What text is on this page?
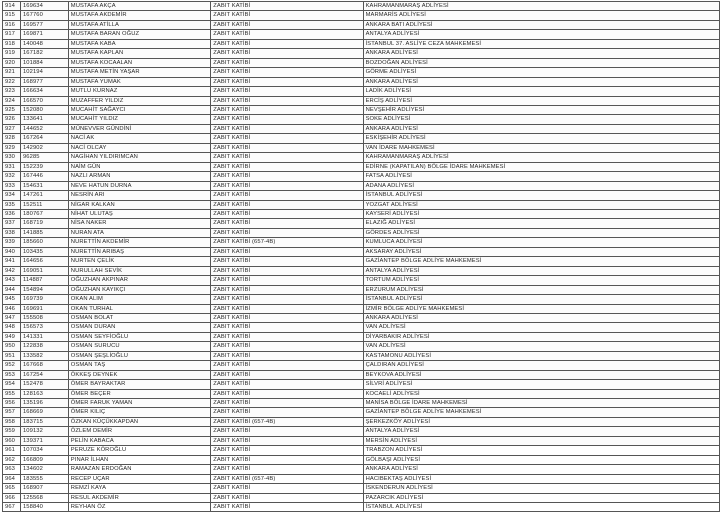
914	169634	MUSTAFA AKÇA	ZABIT KATİBİ	KAHRAMANMARAŞ ADLİYESİ
915	167760	MUSTAFA AKDEMİR	ZABIT KATİBİ	MARMARİS ADLİYESİ
916	169577	MUSTAFA ATİLLA	ZABIT KATİBİ	ANKARA BATI ADLİYESİ
917	169871	MUSTAFA BARAN OĞUZ	ZABIT KATİBİ	ANTALYA ADLİYESİ
918	140048	MUSTAFA KABA	ZABIT KATİBİ	İSTANBUL 37. ASLİYE CEZA MAHKEMESİ
919	167182	MUSTAFA KAPLAN	ZABIT KATİBİ	ANKARA ADLİYESİ
920	101884	MUSTAFA KOCAALAN	ZABIT KATİBİ	BOZDOĞAN ADLİYESİ
921	102194	MUSTAFA METİN YAŞAR	ZABIT KATİBİ	GÖRME ADLİYESİ
922	168977	MUSTAFA YUMAK	ZABIT KATİBİ	ANKARA ADLİYESİ
923	166634	MUTLU KURNAZ	ZABIT KATİBİ	LADİK ADLİYESİ
924	166570	MUZAFFER YILDIZ	ZABIT KATİBİ	ERCİŞ ADLİYESİ
925	152080	MUCAHİT SAĞAYCI	ZABIT KATİBİ	NEVŞEHİR ADLİYESİ
926	133641	MUCAHİT YILDIZ	ZABIT KATİBİ	SOKE ADLİYESİ
927	144652	MÜNEVVER GÜNDİNİ	ZABIT KATİBİ	ANKARA ADLİYESİ
928	167264	NACİ AK	ZABIT KATİBİ	ESKİŞEHİR ADLİYESİ
929	142902	NACİ OLCAY	ZABIT KATİBİ	VAN İDARE MAHKEMESİ
930	96285	NAGİHAN YILDIRIMCAN	ZABIT KATİBİ	KAHRAMANMARAŞ ADLİYESİ
931	152239	NAİM GÜN	ZABIT KATİBİ	EDİRNE (KAPATILAN) BÖLGE İDARE MAHKEMESİ
932	167446	NAZLI ARMAN	ZABIT KATİBİ	FATSA ADLİYESİ
933	154631	NEVE HATUN DURNA	ZABIT KATİBİ	ADANA ADLİYESİ
934	147261	NESRİN ARI	ZABIT KATİBİ	İSTANBUL ADLİYESİ
935	152511	NİGAR KALKAN	ZABIT KATİBİ	YOZGAT ADLİYESİ
936	180767	NİHAT ULUTAŞ	ZABIT KATİBİ	KAYSERİ ADLİYESİ
937	168719	NİSA NAKER	ZABIT KATİBİ	ELAZIĞ ADLİYESİ
938	141885	NURAN ATA	ZABIT KATİBİ	GÖRDES ADLİYESİ
939	185660	NURETTİN AKDEMİR	ZABIT KATİBİ (657-4B)	KUMLUCA ADLİYESİ
940	103435	NURETTİN ARIBAŞ	ZABIT KATİBİ	AKSARAY ADLİYESİ
941	164656	NURTEN ÇELİK	ZABIT KATİBİ	GAZİANTEP BÖLGE ADLİYE MAHKEMESİ
942	169051	NURULLAH SEVİK	ZABIT KATİBİ	ANTALYA ADLİYESİ
943	114887	OĞUZHAN AKPINAR	ZABIT KATİBİ	TORTUM ADLİYESİ
944	154894	OĞUZHAN KAYIKÇI	ZABIT KATİBİ	ERZURUM ADLİYESİ
945	169739	OKAN ALIM	ZABIT KATİBİ	İSTANBUL ADLİYESİ
946	169691	OKAN TURHAL	ZABIT KATİBİ	İZMİR BÖLGE ADLİYE MAHKEMESİ
947	155508	OSMAN BOLAT	ZABIT KATİBİ	ANKARA ADLİYESİ
948	156573	OSMAN DURAN	ZABIT KATİBİ	VAN ADLİYESİ
949	141331	OSMAN SEYFİOĞLU	ZABIT KATİBİ	DİYARBAKIR ADLİYESİ
950	122838	OSMAN SURUCU	ZABIT KATİBİ	VAN ADLİYESİ
951	133582	OSMAN ŞEŞLİOĞLU	ZABIT KATİBİ	KASTAMONU ADLİYESİ
952	167668	OSMAN TAŞ	ZABIT KATİBİ	ÇALDIRAN ADLİYESİ
953	167254	ÖKKEŞ DEYNEK	ZABIT KATİBİ	BEYKOVA ADLİYESİ
954	152478	ÖMER BAYRAKTAR	ZABIT KATİBİ	SİLVRİ ADLİYESİ
955	128163	ÖMER BEÇER	ZABIT KATİBİ	KOCAELİ ADLİYESİ
956	135196	ÖMER FARUK YAMAN	ZABIT KATİBİ	MANİSA BÖLGE İDARE MAHKEMESİ
957	168669	ÖMER KILIÇ	ZABIT KATİBİ	GAZİANTEP BÖLGE ADLİYE MAHKEMESİ
958	183715	ÖZKAN KÜÇÜKKAPDAN	ZABIT KATİBİ (657-4B)	ŞERKEZKÖY ADLİYESİ
959	109132	ÖZLEM DEMİR	ZABIT KATİBİ	ANTALYA ADLİYESİ
960	139371	PELİN KABACA	ZABIT KATİBİ	MERSİN ADLİYESİ
961	107034	PERUZE KÖROĞLU	ZABIT KATİBİ	TRABZON ADLİYESİ
962	166809	PINAR İLHAN	ZABIT KATİBİ	GÖLBAŞI ADLİYESİ
963	134602	RAMAZAN ERDOĞAN	ZABIT KATİBİ	ANKARA ADLİYESİ
964	183555	RECEP UÇAR	ZABIT KATİBİ (657-4B)	HACIBEKTAŞ ADLİYESİ
965	168907	REMZİ KAYA	ZABIT KATİBİ	İSKENDERUN ADLİYESİ
966	125568	RESUL AKDEMİR	ZABIT KATİBİ	PAZARCIK ADLİYESİ
967	158840	REYHAN ÖZ	ZABIT KATİBİ	İSTANBUL ADLİYESİ
